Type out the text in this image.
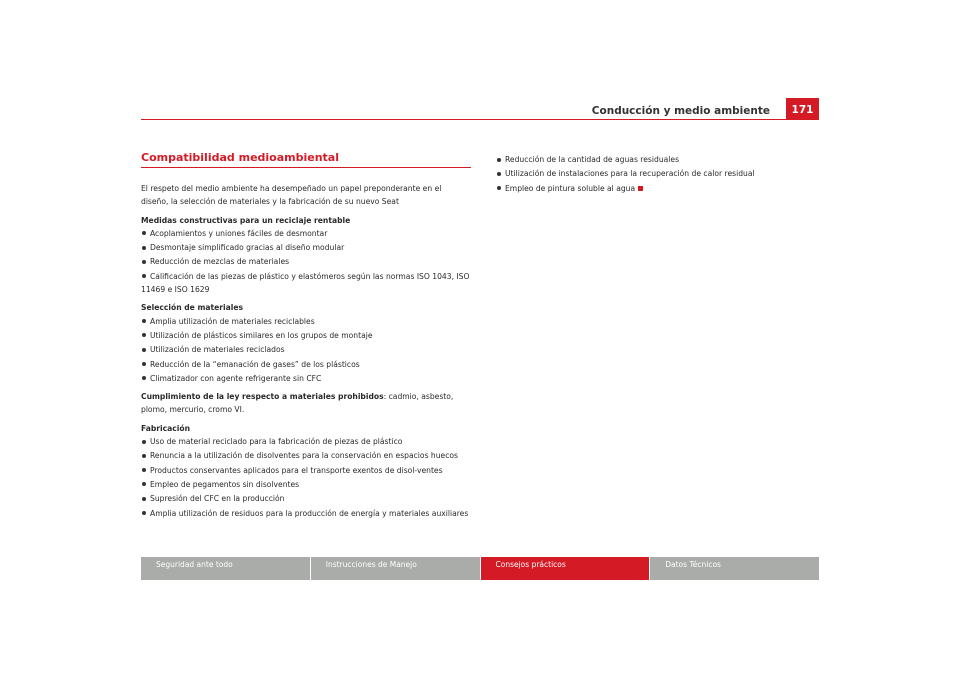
Conducción y medio ambiente	171
Compatibilidad medioambiental

El respeto del medio ambiente ha desempeñado un papel preponderante en el diseño, la selección de materiales y la fabricación de su nuevo Seat

Medidas constructivas para un reciclaje rentable

Acoplamientos y uniones fáciles de desmontar
Desmontaje simplificado gracias al diseño modular
Reducción de mezclas de materiales
Calificación de las piezas de plástico y elastómeros según las normas ISO 1043, ISO 11469 e ISO 1629

Selección de materiales

Amplia utilización de materiales reciclables
Utilización de plásticos similares en los grupos de montaje
Utilización de materiales reciclados
Reducción de la “emanación de gases” de los plásticos
Climatizador con agente refrigerante sin CFC

Cumplimiento de la ley respecto a materiales prohibidos: cadmio, asbesto, plomo, mercurio, cromo VI.

Fabricación

Uso de material reciclado para la fabricación de piezas de plástico
Renuncia a la utilización de disolventes para la conservación en espacios huecos
Productos conservantes aplicados para el transporte exentos de disol-ventes
Empleo de pegamentos sin disolventes
Supresión del CFC en la producción
Amplia utilización de residuos para la producción de energía y materiales auxiliares
Reducción de la cantidad de aguas residuales
Utilización de instalaciones para la recuperación de calor residual
Empleo de pintura soluble al agua
Seguridad ante todo	Instrucciones de Manejo	Consejos prácticos	Datos Técnicos
